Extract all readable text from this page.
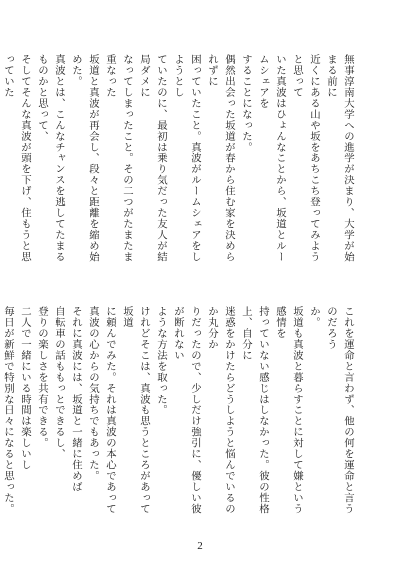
無事淳南大学への進学が決まり、大学が始まる前に
近くにある山や坂をあちこち登ってみようと思って
いた真波はひょんなことから、坂道とルームシェアを
することになった。
偶然出会った坂道が春から住む家を決められずに
困っていたこと。真波がルームシェアをしようとし
ていたのに、最初は乗り気だった友人が結局ダメに
なってしまったこと。その二つがたまたま重なった
坂道と真波が再会し、段々と距離を縮め始めた。
真波とは、こんなチャンスを逃してたまるものかと思って、
そしてそんな真波が頭を下げ、住もうと思っていた

これを運命と言わず、他の何を運命と言うのだろう
か。
坂道も真波と暮らすことに対して嫌という感情を
持っていない感じはしなかった。彼の性格上、自分に
迷惑をかけたらどうしようと悩んでいるのか丸分か
りだったので、少しだけ強引に、優しい彼が断れない
ような方法を取った。
けれどそこは、真波も思うところがあって坂道
に頼んでみた。それは真波の本心であって
真波の心からの気持ちでもあった。
それに真波には、坂道と一緒に住めば
自転車の話ももっとできるし、
登りの楽しさを共有できる。
二人で一緒にいる時間は楽しいし
毎日が新鮮で特別な日々になると思った。

2
